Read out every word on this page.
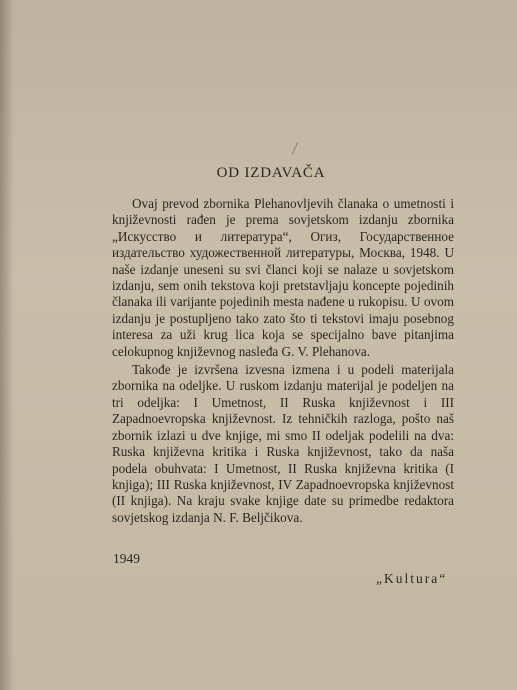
OD IZDAVAČA

Ovaj prevod zbornika Plehanovljevih članaka o umetnosti i književnosti rađen je prema sovjetskom izdanju zbornika „Искусство и литература“, Огиз, Государственное издательство художественной литературы, Москва, 1948. U naše izdanje uneseni su svi članci koji se nalaze u sovjetskom izdanju, sem onih tekstova koji pretstavljaju koncepte pojedinih članaka ili varijante pojedinih mesta nađene u rukopisu. U ovom izdanju je postupljeno tako zato što ti tekstovi imaju posebnog interesa za uži krug lica koja se specijalno bave pitanjima celokupnog književnog nasleđa G. V. Plehanova.

Takođe je izvršena izvesna izmena i u podeli materijala zbornika na odeljke. U ruskom izdanju materijal je podeljen na tri odeljka: I Umetnost, II Ruska književnost i III Zapadnoevropska književnost. Iz tehničkih razloga, pošto naš zbornik izlazi u dve knjige, mi smo II odeljak podelili na dva: Ruska književna kritika i Ruska književnost, tako da naša podela obuhvata: I Umetnost, II Ruska književna kritika (I knjiga); III Ruska književnost, IV Zapadnoevropska književnost (II knjiga). Na kraju svake knjige date su primedbe redaktora sovjetskog izdanja N. F. Beljčikova.

1949
„Kultura“
